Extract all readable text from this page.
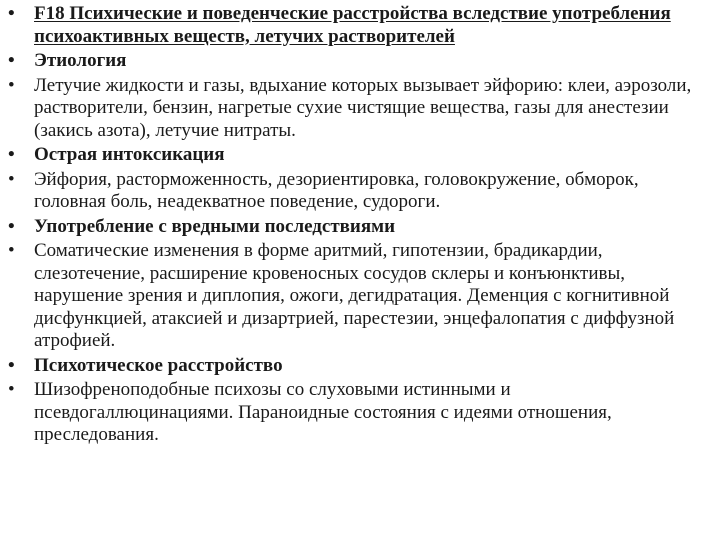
•	F18 Психические и поведенческие расстройства вследствие употребления психоактивных веществ, летучих растворителей
•	Этиология
•	Летучие жидкости и газы, вдыхание которых вызывает эйфорию: клеи, аэрозоли, растворители, бензин, нагретые сухие чистящие вещества, газы для анестезии (закись азота), летучие нитраты.
•	Острая интоксикация
•	Эйфория, расторможенность, дезориентировка, головокружение, обморок, головная боль, неадекватное поведение, судороги.
•	Употребление с вредными последствиями
•	Соматические изменения в форме аритмий, гипотензии, брадикардии, слезотечение, расширение кровеносных сосудов склеры и конъюнктивы, нарушение зрения и диплопия, ожоги, дегидратация. Деменция с когнитивной дисфункцией, атаксией и дизартрией, парестезии, энцефалопатия с диффузной атрофией.
•	Психотическое расстройство
•	Шизофреноподобные психозы со слуховыми истинными и псевдогаллюцинациями. Параноидные состояния с идеями отношения, преследования.
